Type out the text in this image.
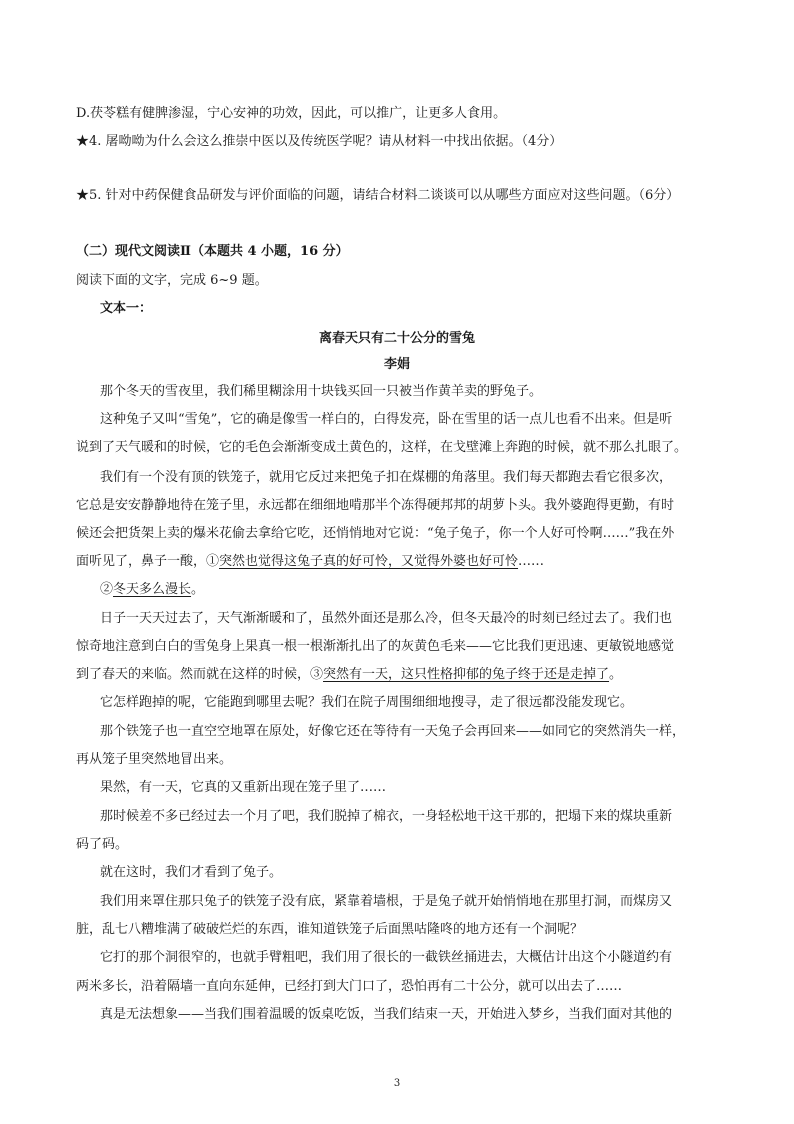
D.茯苓糕有健脾渗湿，宁心安神的功效，因此，可以推广，让更多人食用。
★4. 屠呦呦为什么会这么推崇中医以及传统医学呢？请从材料一中找出依据。（4分）
★5. 针对中药保健食品研发与评价面临的问题，请结合材料二谈谈可以从哪些方面应对这些问题。（6分）
（二）现代文阅读Ⅱ（本题共 4 小题，16 分）
阅读下面的文字，完成 6~9 题。
文本一：
离春天只有二十公分的雪兔
李娟
那个冬天的雪夜里，我们稀里糊涂用十块钱买回一只被当作黄羊卖的野兔子。
这种兔子又叫“雪兔”，它的确是像雪一样白的，白得发亮，卧在雪里的话一点儿也看不出来。但是听
说到了天气暖和的时候，它的毛色会渐渐变成土黄色的，这样，在戈壁滩上奔跑的时候，就不那么扎眼了。
我们有一个没有顶的铁笼子，就用它反过来把兔子扣在煤棚的角落里。我们每天都跑去看它很多次，
它总是安安静静地待在笼子里，永远都在细细地啃那半个冻得硬邦邦的胡萝卜头。我外婆跑得更勤，有时
候还会把货架上卖的爆米花偷去拿给它吃，还悄悄地对它说：“兔子兔子，你一个人好可怜啊……”我在外
面听见了，鼻子一酸，①突然也觉得这兔子真的好可怜，又觉得外婆也好可怜……
②冬天多么漫长。
日子一天天过去了，天气渐渐暖和了，虽然外面还是那么冷，但冬天最冷的时刻已经过去了。我们也
惊奇地注意到白白的雪兔身上果真一根一根渐渐扎出了的灰黄色毛来——它比我们更迅速、更敏锐地感觉
到了春天的来临。然而就在这样的时候，③突然有一天，这只性格抑郁的兔子终于还是走掉了。
它怎样跑掉的呢，它能跑到哪里去呢？我们在院子周围细细地搜寻，走了很远都没能发现它。
那个铁笼子也一直空空地罩在原处，好像它还在等待有一天兔子会再回来——如同它的突然消失一样，
再从笼子里突然地冒出来。
果然，有一天，它真的又重新出现在笼子里了……
那时候差不多已经过去一个月了吧，我们脱掉了棉衣，一身轻松地干这干那的，把塌下来的煤块重新
码了码。
就在这时，我们才看到了兔子。
我们用来罩住那只兔子的铁笼子没有底，紧靠着墙根，于是兔子就开始悄悄地在那里打洞，而煤房又
脏，乱七八糟堆满了破破烂烂的东西，谁知道铁笼子后面黑咕隆咚的地方还有一个洞呢？
它打的那个洞很窄的，也就手臂粗吧，我们用了很长的一截铁丝捅进去，大概估计出这个小隧道约有
两米多长，沿着隔墙一直向东延伸，已经打到大门口了，恐怕再有二十公分，就可以出去了……
真是无法想象——当我们围着温暖的饭桌吃饭，当我们结束一天，开始进入梦乡，当我们面对其他的
3
